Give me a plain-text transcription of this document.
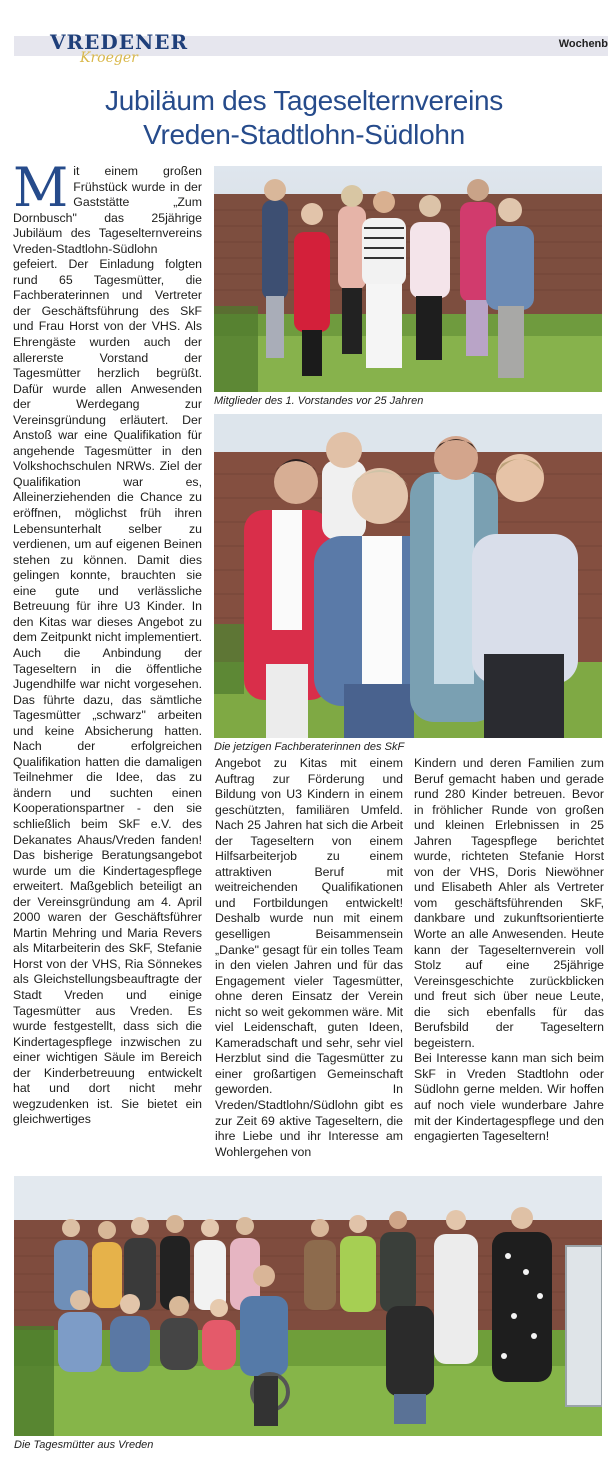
VREDENER
Kroeger
Wochenb
Jubiläum des Tageselternvereins
Vreden-Stadtlohn-Südlohn
Mit einem großen Frühstück wurde in der Gaststätte „Zum Dornbusch" das 25jährige Jubiläum des Tageselternvereins Vreden-Stadtlohn-Südlohn gefeiert. Der Einladung folgten rund 65 Tagesmütter, die Fachberaterinnen und Vertreter der Geschäftsführung des SkF und Frau Horst von der VHS. Als Ehrengäste wurden auch der allererste Vorstand der Tagesmütter herzlich begrüßt. Dafür wurde allen Anwesenden der Werdegang zur Vereinsgründung erläutert. Der Anstoß war eine Qualifikation für angehende Tagesmütter in den Volkshochschulen NRWs. Ziel der Qualifikation war es, Alleinerziehenden die Chance zu eröffnen, möglichst früh ihren Lebensunterhalt selber zu verdienen, um auf eigenen Beinen stehen zu können. Damit dies gelingen konnte, brauchten sie eine gute und verlässliche Betreuung für ihre U3 Kinder. In den Kitas war dieses Angebot zu dem Zeitpunkt nicht implementiert. Auch die Anbindung der Tageseltern in die öffentliche Jugendhilfe war nicht vorgesehen. Das führte dazu, das sämtliche Tagesmütter „schwarz" arbeiten und keine Absicherung hatten. Nach der erfolgreichen Qualifikation hatten die damaligen Teilnehmer die Idee, das zu ändern und suchten einen Kooperationspartner - den sie schließlich beim SkF e.V. des Dekanates Ahaus/Vreden fanden! Das bisherige Beratungsangebot wurde um die Kindertagespflege erweitert. Maßgeblich beteiligt an der Vereinsgründung am 4. April 2000 waren der Geschäftsführer Martin Mehring und Maria Revers als Mitarbeiterin des SkF, Stefanie Horst von der VHS, Ria Sönnekes als Gleichstellungsbeauftragte der Stadt Vreden und einige Tagesmütter aus Vreden. Es wurde festgestellt, dass sich die Kindertagespflege inzwischen zu einer wichtigen Säule im Bereich der Kinderbetreuung entwickelt hat und dort nicht mehr wegzudenken ist. Sie bietet ein gleichwertiges
Mitglieder des 1. Vorstandes vor 25 Jahren
Die jetzigen Fachberaterinnen des SkF
Angebot zu Kitas mit einem Auftrag zur Förderung und Bildung von U3 Kindern in einem geschützten, familiären Umfeld. Nach 25 Jahren hat sich die Arbeit der Tageseltern von einem Hilfsarbeiterjob zu einem attraktiven Beruf mit weitreichenden Qualifikationen und Fortbildungen entwickelt! Deshalb wurde nun mit einem geselligen Beisammensein „Danke" gesagt für ein tolles Team in den vielen Jahren und für das Engagement vieler Tagesmütter, ohne deren Einsatz der Verein nicht so weit gekommen wäre. Mit viel Leidenschaft, guten Ideen, Kameradschaft und sehr, sehr viel Herzblut sind die Tagesmütter zu einer großartigen Gemeinschaft geworden. In Vreden/Stadtlohn/Südlohn gibt es zur Zeit 69 aktive Tageseltern, die ihre Liebe und ihr Interesse am Wohlergehen von
Kindern und deren Familien zum Beruf gemacht haben und gerade rund 280 Kinder betreuen. Bevor in fröhlicher Runde von großen und kleinen Erlebnissen in 25 Jahren Tagespflege berichtet wurde, richteten Stefanie Horst von der VHS, Doris Niewöhner und Elisabeth Ahler als Vertreter vom geschäftsführenden SkF, dankbare und zukunftsorientierte Worte an alle Anwesenden. Heute kann der Tageselternverein voll Stolz auf eine 25jährige Vereinsgeschichte zurückblicken und freut sich über neue Leute, die sich ebenfalls für das Berufsbild der Tageseltern begeistern.
Bei Interesse kann man sich beim SkF in Vreden Stadtlohn oder Südlohn gerne melden. Wir hoffen auf noch viele wunderbare Jahre mit der Kindertagespflege und den engagierten Tageseltern!
Die Tagesmütter aus Vreden
